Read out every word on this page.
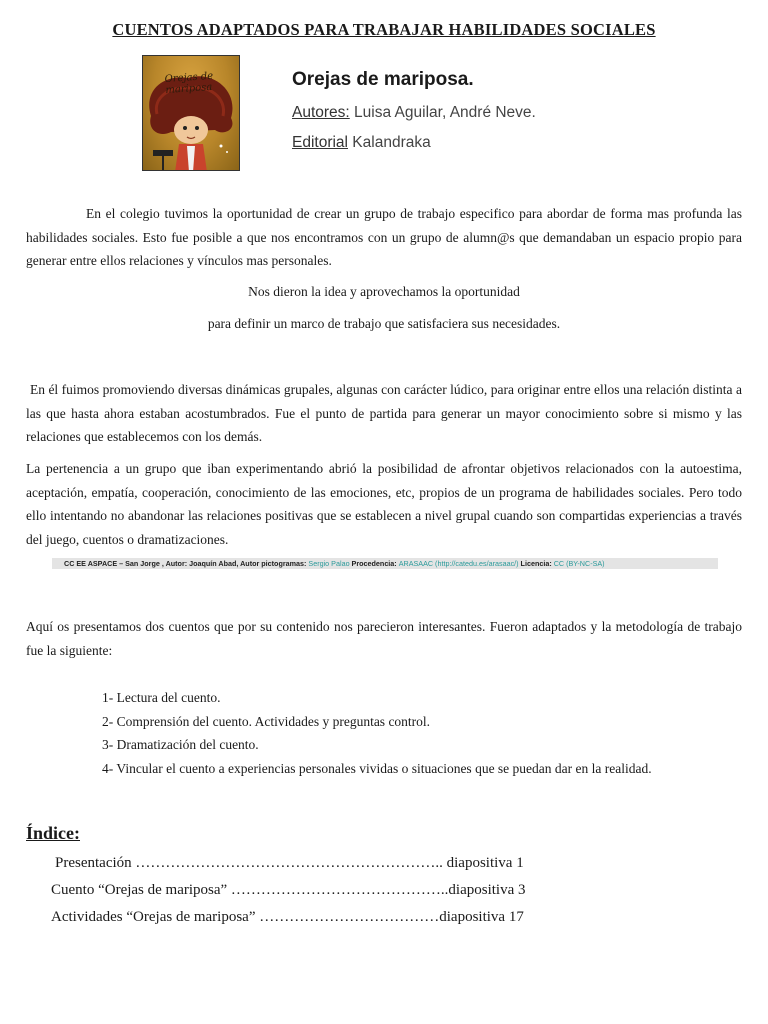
CUENTOS ADAPTADOS PARA TRABAJAR HABILIDADES SOCIALES
Orejas de mariposa	Orejas de mariposa.
Autores: Luisa Aguilar, André Neve.
Editorial Kalandraka
En el colegio tuvimos la oportunidad de crear un grupo de trabajo especifico para abordar de forma mas profunda las habilidades sociales. Esto fue posible a que nos encontramos con un grupo de alumn@s que demandaban un espacio propio para generar entre ellos relaciones y vínculos mas personales.
Nos dieron la idea y aprovechamos la oportunidad
para definir un marco de trabajo que satisfaciera sus necesidades.
En él fuimos promoviendo diversas dinámicas grupales, algunas con carácter lúdico, para originar entre ellos una relación distinta a las que hasta ahora estaban acostumbrados. Fue el punto de partida para generar un mayor conocimiento sobre si mismo y las relaciones que establecemos con los demás.
La pertenencia a un grupo que iban experimentando abrió la posibilidad de afrontar objetivos relacionados con la autoestima, aceptación, empatía, cooperación, conocimiento de las emociones, etc, propios de un programa de habilidades sociales. Pero todo ello intentando no abandonar las relaciones positivas que se establecen a nivel grupal cuando son compartidas experiencias a través del juego, cuentos o dramatizaciones.
CC EE ASPACE – San Jorge , Autor: Joaquín Abad, Autor pictogramas: Sergio Palao Procedencia: ARASAAC (http://catedu.es/arasaac/) Licencia: CC (BY-NC-SA)
Aquí os presentamos dos cuentos que por su contenido nos parecieron interesantes. Fueron adaptados y la metodología de trabajo fue la siguiente:
1- Lectura del cuento.
2- Comprensión del cuento. Actividades y preguntas control.
3- Dramatización del cuento.
4- Vincular el cuento a experiencias personales vividas o situaciones que se puedan dar en la realidad.
Índice:
Presentación …………………………………………………….. diapositiva 1
Cuento “Orejas de mariposa” ……………………………………..diapositiva 3
Actividades “Orejas de mariposa” ………………………………diapositiva 17
